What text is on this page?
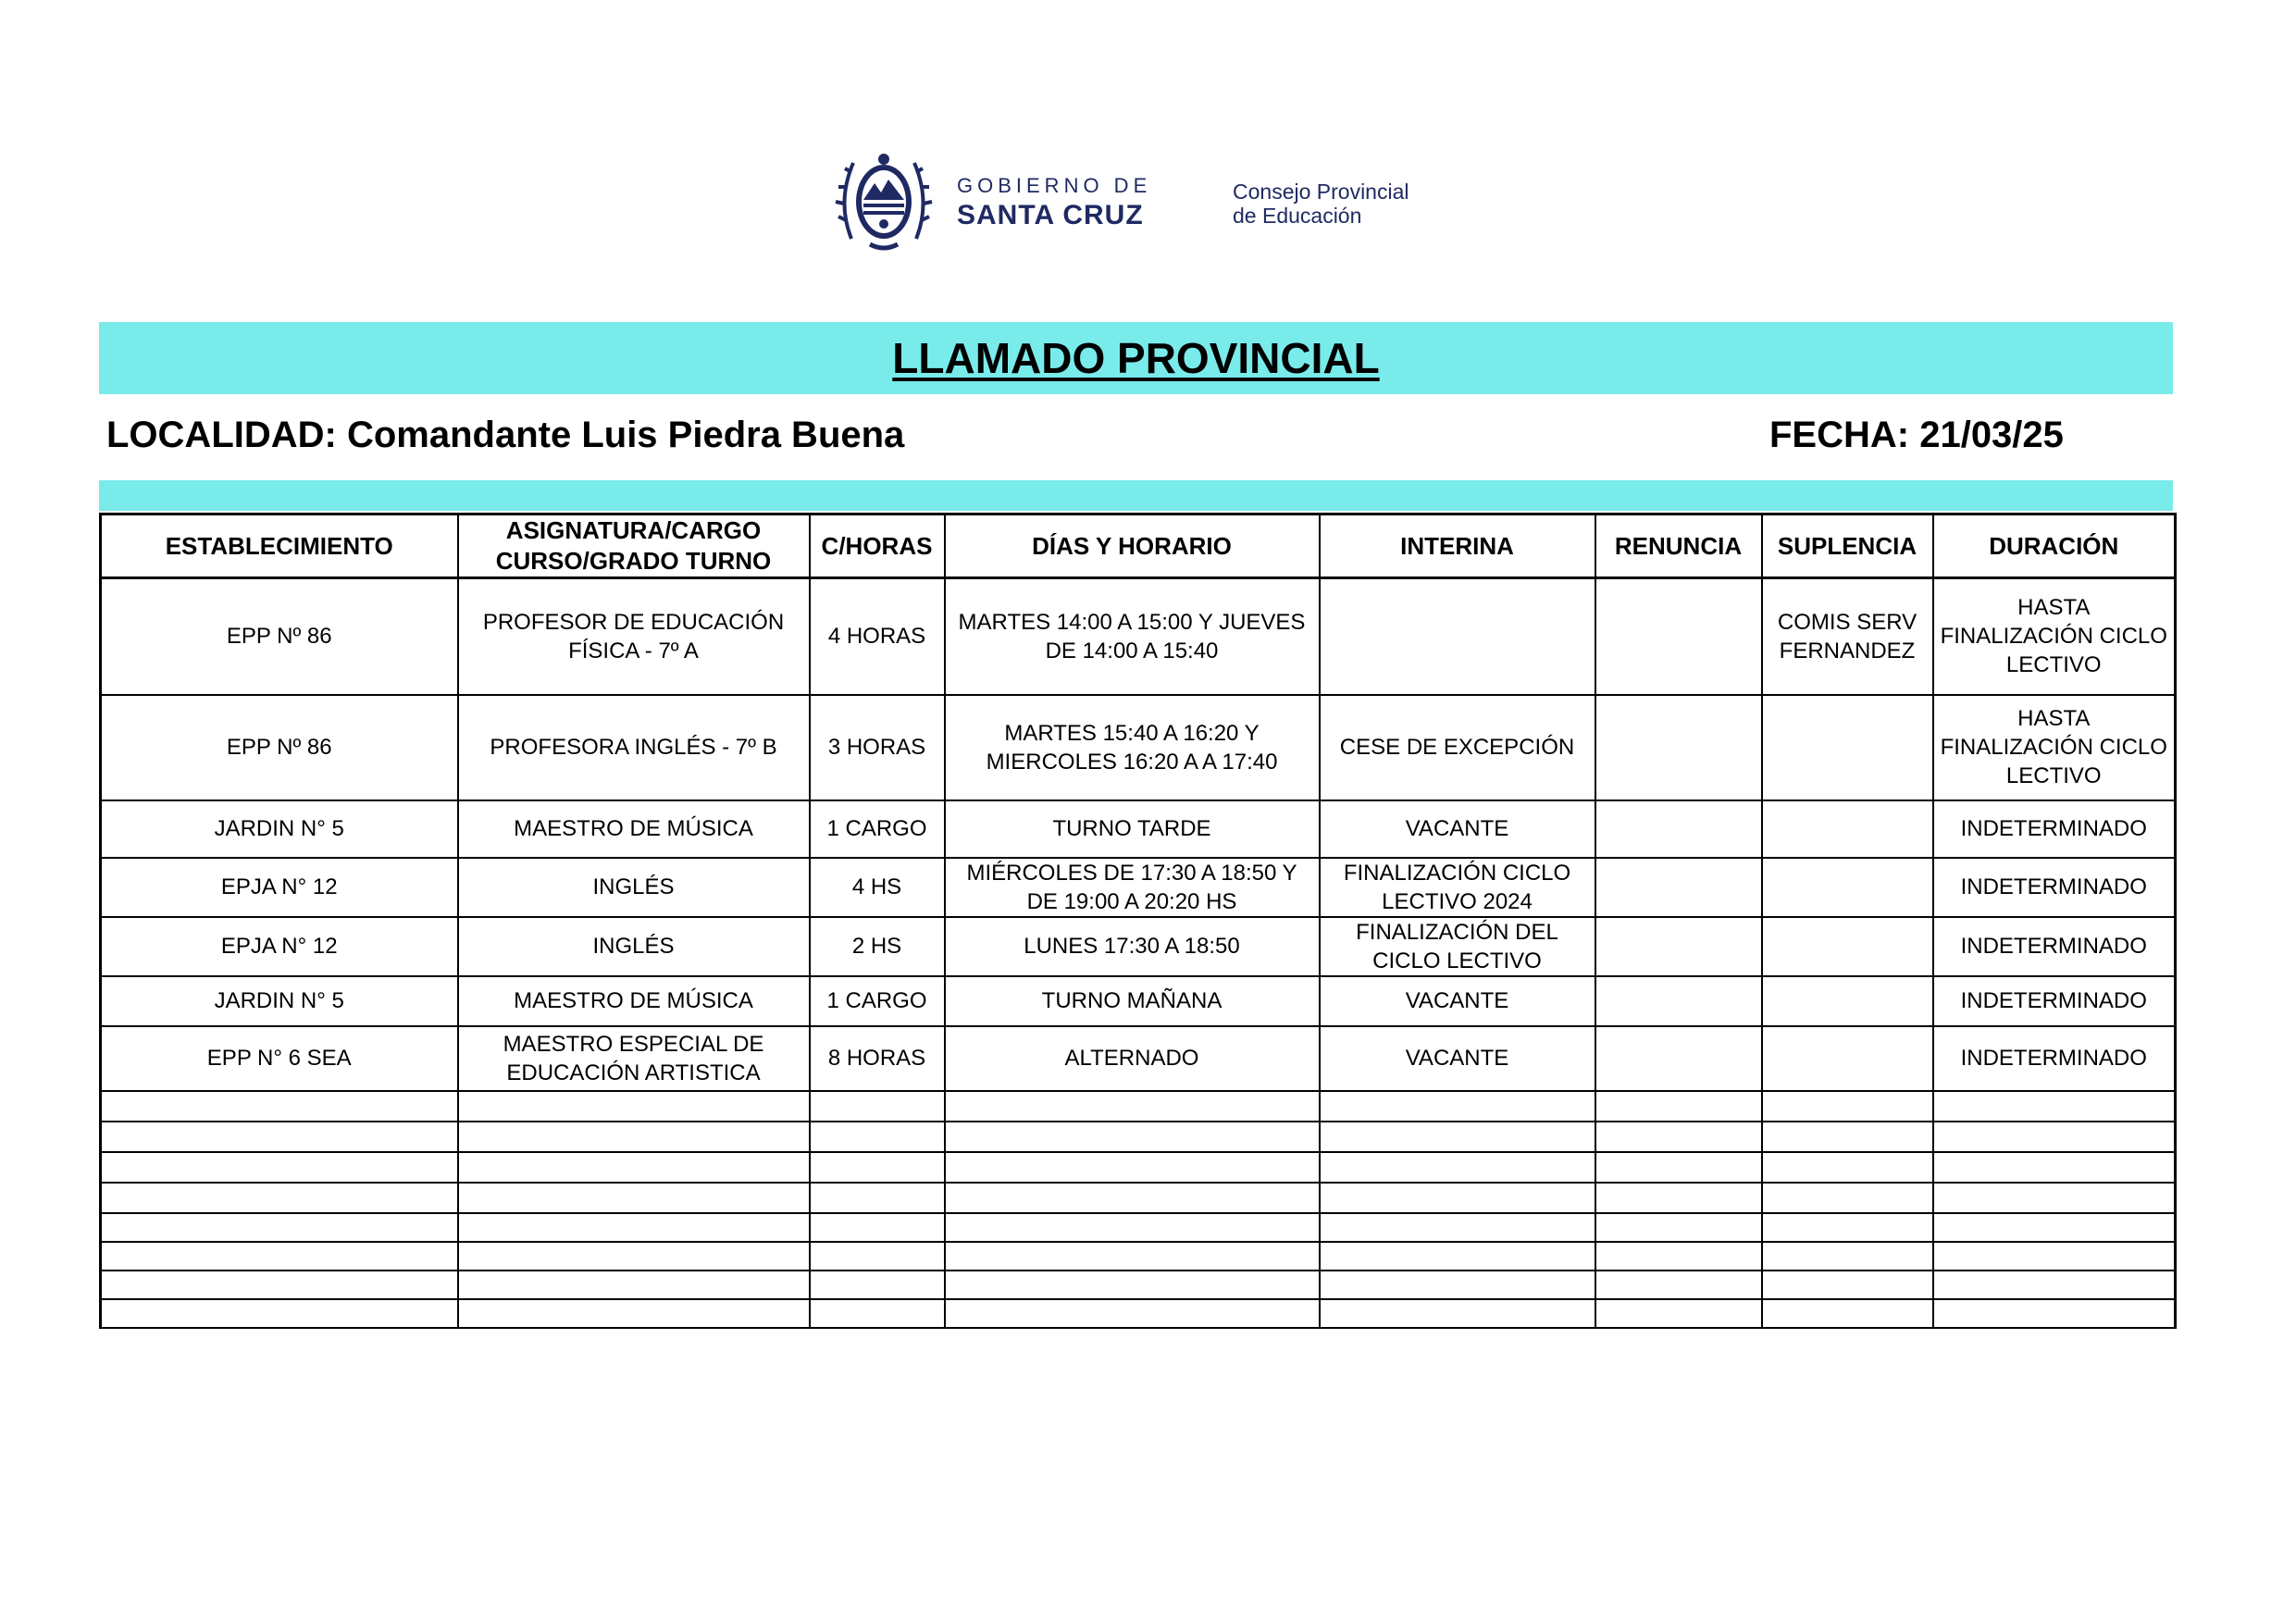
GOBIERNO DE
SANTA CRUZ
Consejo Provincial
de Educación
LLAMADO PROVINCIAL
LOCALIDAD: Comandante Luis Piedra Buena	FECHA: 21/03/25
ESTABLECIMIENTO	ASIGNATURA/CARGO CURSO/GRADO TURNO	C/HORAS	DÍAS Y HORARIO	INTERINA	RENUNCIA	SUPLENCIA	DURACIÓN
EPP Nº 86	PROFESOR DE EDUCACIÓN FÍSICA - 7º A	4 HORAS	MARTES 14:00 A 15:00 Y JUEVES DE 14:00 A 15:40			COMIS SERV FERNANDEZ	HASTA FINALIZACIÓN CICLO LECTIVO
EPP Nº 86	PROFESORA INGLÉS - 7º B	3 HORAS	MARTES 15:40 A 16:20 Y MIERCOLES 16:20 A A 17:40	CESE DE EXCEPCIÓN			HASTA FINALIZACIÓN CICLO LECTIVO
JARDIN N° 5	MAESTRO DE MÚSICA	1 CARGO	TURNO TARDE	VACANTE			INDETERMINADO
EPJA N° 12	INGLÉS	4 HS	MIÉRCOLES DE 17:30 A 18:50 Y DE 19:00 A 20:20 HS	FINALIZACIÓN CICLO LECTIVO 2024			INDETERMINADO
EPJA N° 12	INGLÉS	2 HS	LUNES 17:30 A 18:50	FINALIZACIÓN DEL CICLO LECTIVO			INDETERMINADO
JARDIN N° 5	MAESTRO DE MÚSICA	1 CARGO	TURNO MAÑANA	VACANTE			INDETERMINADO
EPP N° 6 SEA	MAESTRO ESPECIAL DE EDUCACIÓN ARTISTICA	8 HORAS	ALTERNADO	VACANTE			INDETERMINADO
